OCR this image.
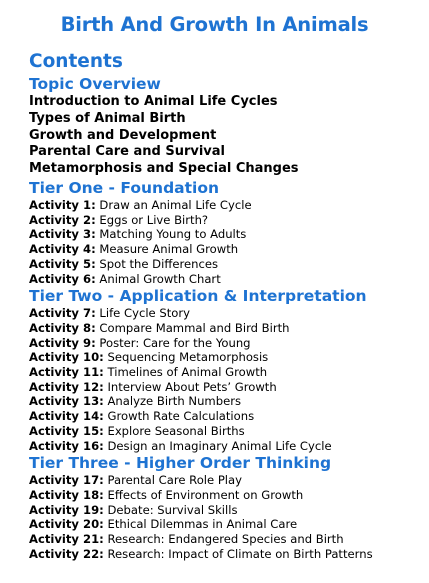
Birth And Growth In Animals
Contents
Topic Overview
Introduction to Animal Life Cycles
Types of Animal Birth
Growth and Development
Parental Care and Survival
Metamorphosis and Special Changes
Tier One - Foundation
Activity 1: Draw an Animal Life Cycle
Activity 2: Eggs or Live Birth?
Activity 3: Matching Young to Adults
Activity 4: Measure Animal Growth
Activity 5: Spot the Differences
Activity 6: Animal Growth Chart
Tier Two - Application & Interpretation
Activity 7: Life Cycle Story
Activity 8: Compare Mammal and Bird Birth
Activity 9: Poster: Care for the Young
Activity 10: Sequencing Metamorphosis
Activity 11: Timelines of Animal Growth
Activity 12: Interview About Pets’ Growth
Activity 13: Analyze Birth Numbers
Activity 14: Growth Rate Calculations
Activity 15: Explore Seasonal Births
Activity 16: Design an Imaginary Animal Life Cycle
Tier Three - Higher Order Thinking
Activity 17: Parental Care Role Play
Activity 18: Effects of Environment on Growth
Activity 19: Debate: Survival Skills
Activity 20: Ethical Dilemmas in Animal Care
Activity 21: Research: Endangered Species and Birth
Activity 22: Research: Impact of Climate on Birth Patterns
